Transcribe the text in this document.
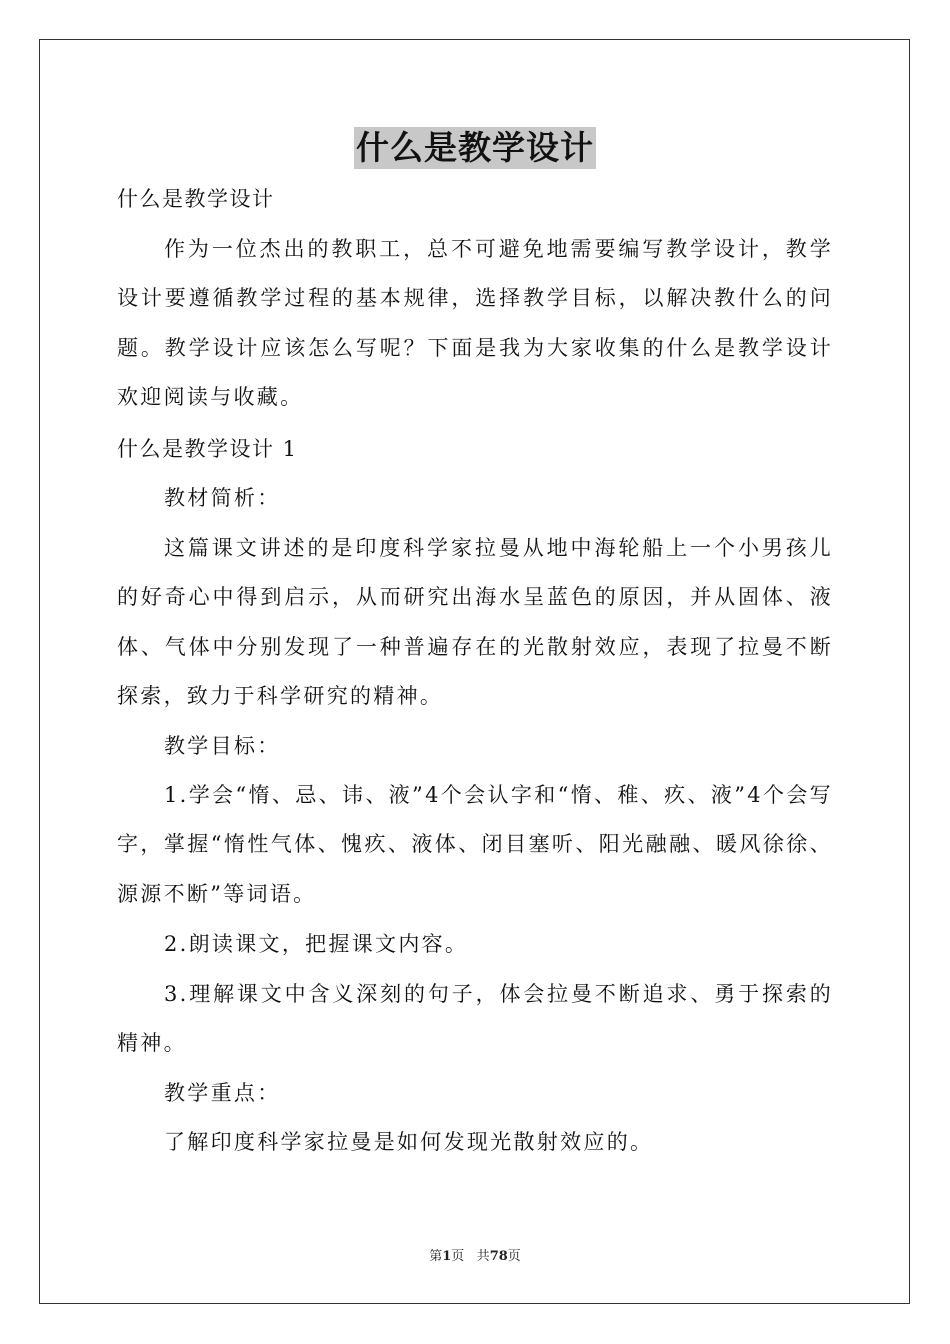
什么是教学设计
什么是教学设计
作为一位杰出的教职工，总不可避免地需要编写教学设计，教学设计要遵循教学过程的基本规律，选择教学目标，以解决教什么的问题。教学设计应该怎么写呢？下面是我为大家收集的什么是教学设计欢迎阅读与收藏。
什么是教学设计 1
教材简析：
这篇课文讲述的是印度科学家拉曼从地中海轮船上一个小男孩儿的好奇心中得到启示，从而研究出海水呈蓝色的原因，并从固体、液体、气体中分别发现了一种普遍存在的光散射效应，表现了拉曼不断探索，致力于科学研究的精神。
教学目标：
1.学会“惰、忌、讳、液”4个会认字和“惰、稚、疚、液”4个会写字，掌握“惰性气体、愧疚、液体、闭目塞听、阳光融融、暖风徐徐、源源不断”等词语。
2.朗读课文，把握课文内容。
3.理解课文中含义深刻的句子，体会拉曼不断追求、勇于探索的精神。
教学重点：
了解印度科学家拉曼是如何发现光散射效应的。
第1页 共78页
